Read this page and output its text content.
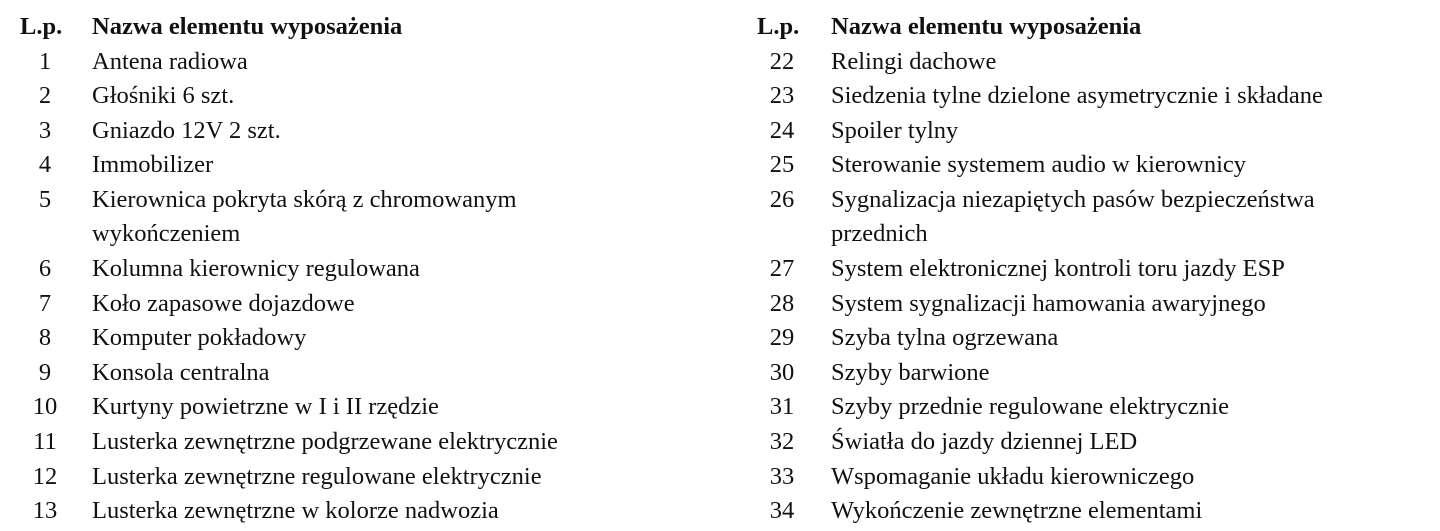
L.p.	Nazwa elementu wyposażenia
1	Antena radiowa
2	Głośniki 6 szt.
3	Gniazdo 12V 2 szt.
4	Immobilizer
5	Kierownica pokryta skórą z chromowanym
wykończeniem
6	Kolumna kierownicy regulowana
7	Koło zapasowe dojazdowe
8	Komputer pokładowy
9	Konsola centralna
10	Kurtyny powietrzne w I i II rzędzie
11	Lusterka zewnętrzne podgrzewane elektrycznie
12	Lusterka zewnętrzne regulowane elektrycznie
13	Lusterka zewnętrzne w kolorze nadwozia
L.p.	Nazwa elementu wyposażenia
22	Relingi dachowe
23	Siedzenia tylne dzielone asymetrycznie i składane
24	Spoiler tylny
25	Sterowanie systemem audio w kierownicy
26	Sygnalizacja niezapiętych pasów bezpieczeństwa
przednich
27	System elektronicznej kontroli toru jazdy ESP
28	System sygnalizacji hamowania awaryjnego
29	Szyba tylna ogrzewana
30	Szyby barwione
31	Szyby przednie regulowane elektrycznie
32	Światła do jazdy dziennej LED
33	Wspomaganie układu kierowniczego
34	Wykończenie zewnętrzne elementami
